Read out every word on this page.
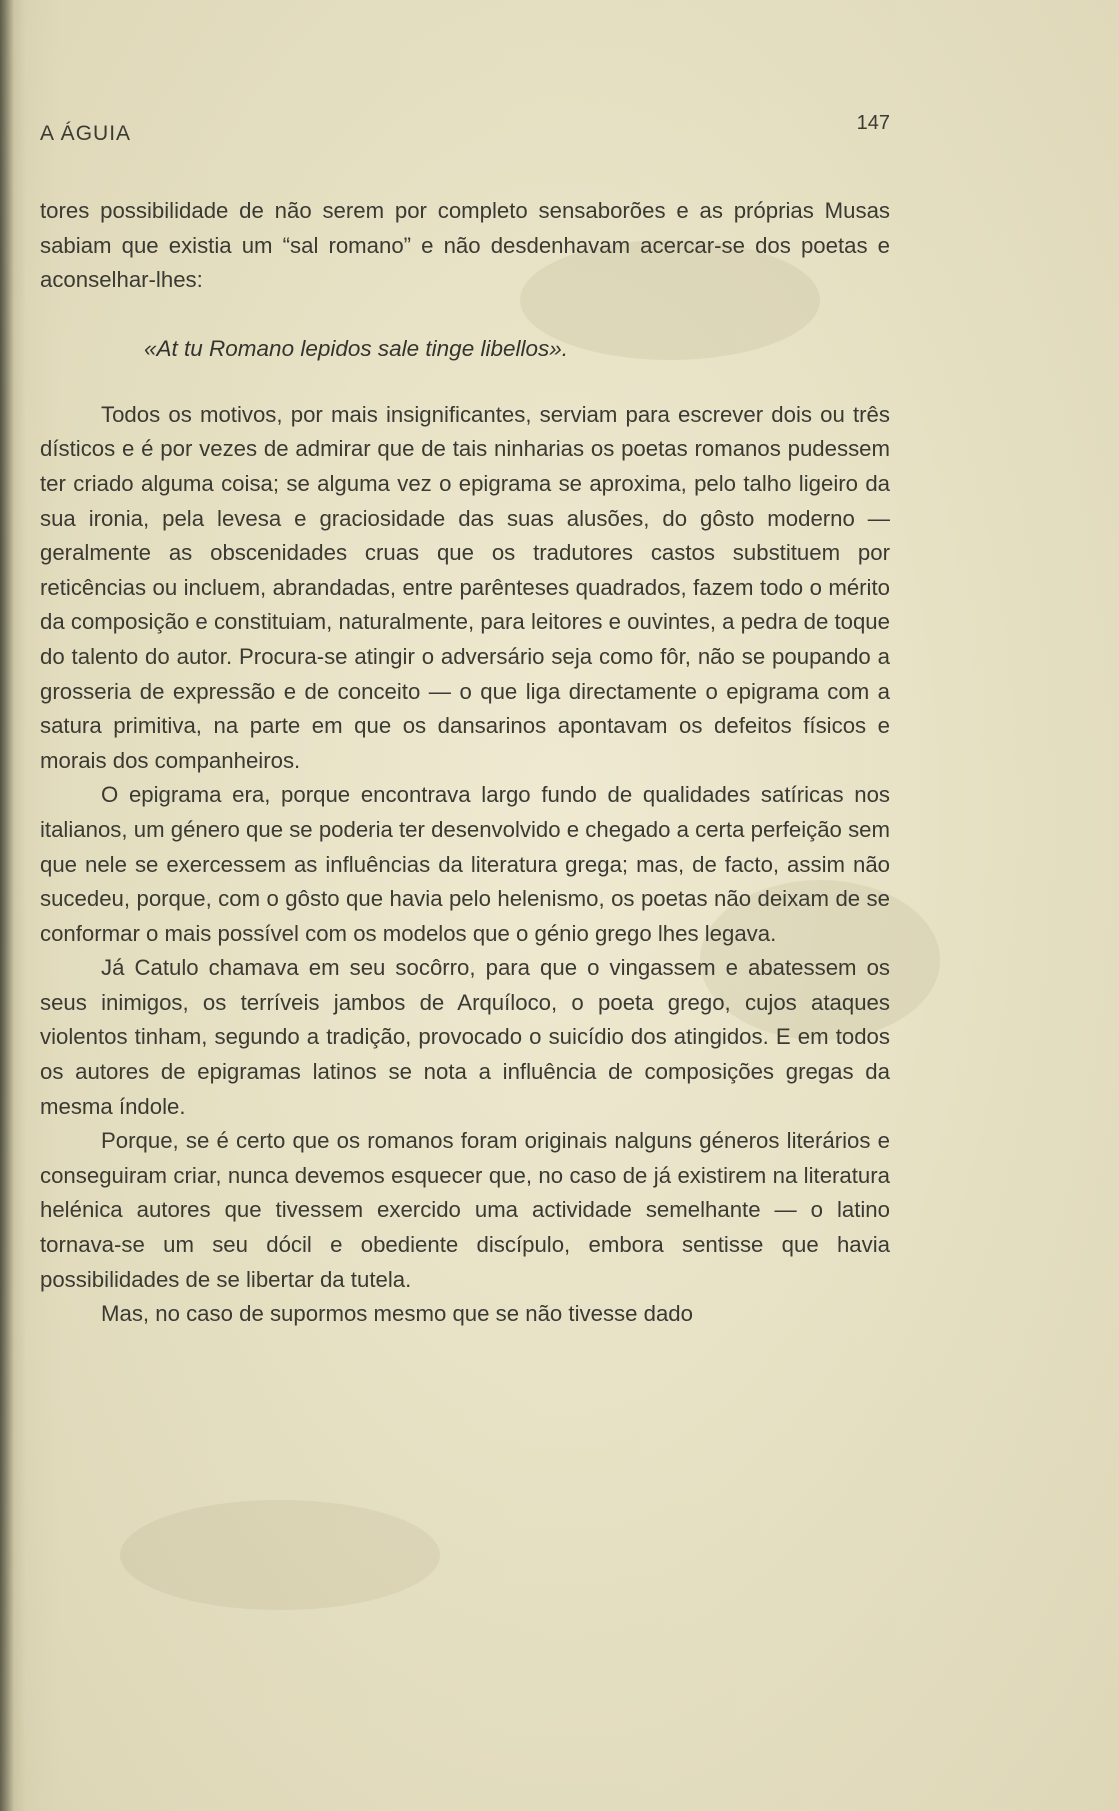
A ÁGUIA	147

tores possibilidade de não serem por completo sensaborões e as próprias Musas sabiam que existia um “sal romano” e não desdenhavam acercar-se dos poetas e aconselhar-lhes:

«At tu Romano lepidos sale tinge libellos».

Todos os motivos, por mais insignificantes, serviam para escrever dois ou três dísticos e é por vezes de admirar que de tais ninharias os poetas romanos pudessem ter criado alguma coisa; se alguma vez o epigrama se aproxima, pelo talho ligeiro da sua ironia, pela levesa e graciosidade das suas alusões, do gôsto moderno — geralmente as obscenidades cruas que os tradutores castos substituem por reticências ou incluem, abrandadas, entre parênteses quadrados, fazem todo o mérito da composição e constituiam, naturalmente, para leitores e ouvintes, a pedra de toque do talento do autor. Procura-se atingir o adversário seja como fôr, não se poupando a grosseria de expressão e de conceito — o que liga directamente o epigrama com a satura primitiva, na parte em que os dansarinos apontavam os defeitos físicos e morais dos companheiros.

O epigrama era, porque encontrava largo fundo de qualidades satíricas nos italianos, um género que se poderia ter desenvolvido e chegado a certa perfeição sem que nele se exercessem as influências da literatura grega; mas, de facto, assim não sucedeu, porque, com o gôsto que havia pelo helenismo, os poetas não deixam de se conformar o mais possível com os modelos que o génio grego lhes legava.

Já Catulo chamava em seu socôrro, para que o vingassem e abatessem os seus inimigos, os terríveis jambos de Arquíloco, o poeta grego, cujos ataques violentos tinham, segundo a tradição, provocado o suicídio dos atingidos. E em todos os autores de epigramas latinos se nota a influência de composições gregas da mesma índole.

Porque, se é certo que os romanos foram originais nalguns géneros literários e conseguiram criar, nunca devemos esquecer que, no caso de já existirem na literatura helénica autores que tivessem exercido uma actividade semelhante — o latino tornava-se um seu dócil e obediente discípulo, embora sentisse que havia possibilidades de se libertar da tutela.

Mas, no caso de supormos mesmo que se não tivesse dado
